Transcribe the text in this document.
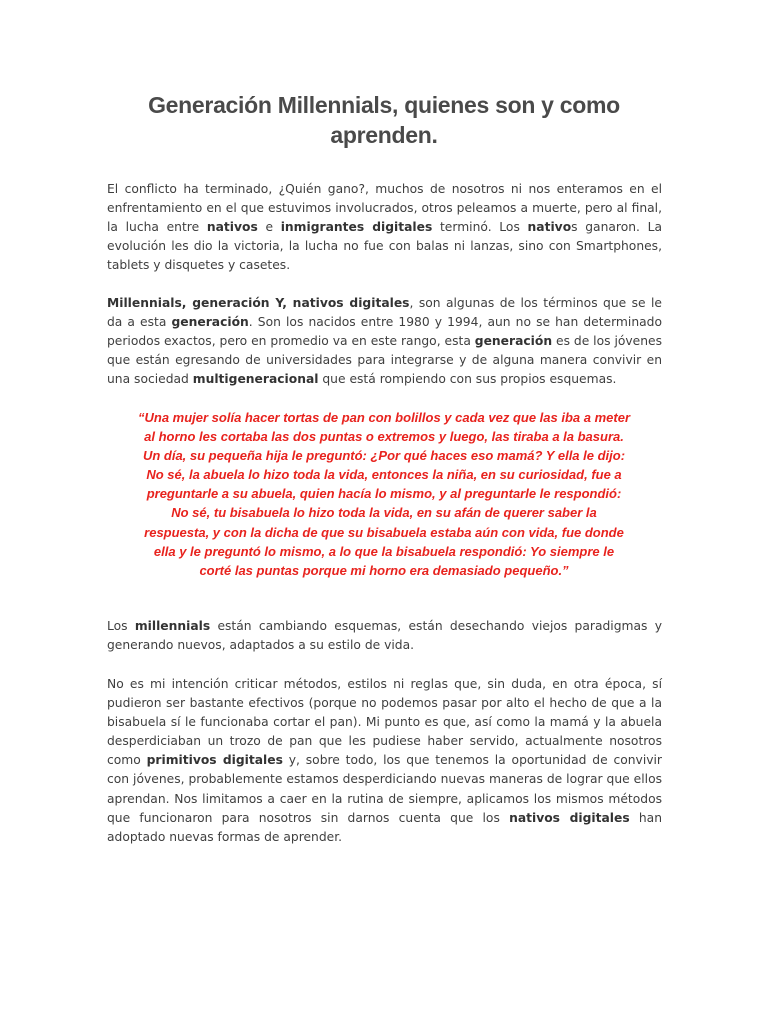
Generación Millennials, quienes son y como aprenden.

El conflicto ha terminado, ¿Quién gano?, muchos de nosotros ni nos enteramos en el enfrentamiento en el que estuvimos involucrados, otros peleamos a muerte, pero al final, la lucha entre nativos e inmigrantes digitales terminó. Los nativos ganaron. La evolución les dio la victoria, la lucha no fue con balas ni lanzas, sino con Smartphones, tablets y disquetes y casetes.

Millennials, generación Y, nativos digitales, son algunas de los términos que se le da a esta generación. Son los nacidos entre 1980 y 1994, aun no se han determinado periodos exactos, pero en promedio va en este rango, esta generación es de los jóvenes que están egresando de universidades para integrarse y de alguna manera convivir en una sociedad multigeneracional que está rompiendo con sus propios esquemas.

“Una mujer solía hacer tortas de pan con bolillos y cada vez que las iba a meter al horno les cortaba las dos puntas o extremos y luego, las tiraba a la basura. Un día, su pequeña hija le preguntó: ¿Por qué haces eso mamá? Y ella le dijo: No sé, la abuela lo hizo toda la vida, entonces la niña, en su curiosidad, fue a preguntarle a su abuela, quien hacía lo mismo, y al preguntarle le respondió: No sé, tu bisabuela lo hizo toda la vida, en su afán de querer saber la respuesta, y con la dicha de que su bisabuela estaba aún con vida, fue donde ella y le preguntó lo mismo, a lo que la bisabuela respondió: Yo siempre le corté las puntas porque mi horno era demasiado pequeño.”

Los millennials están cambiando esquemas, están desechando viejos paradigmas y generando nuevos, adaptados a su estilo de vida.

No es mi intención criticar métodos, estilos ni reglas que, sin duda, en otra época, sí pudieron ser bastante efectivos (porque no podemos pasar por alto el hecho de que a la bisabuela sí le funcionaba cortar el pan). Mi punto es que, así como la mamá y la abuela desperdiciaban un trozo de pan que les pudiese haber servido, actualmente nosotros como primitivos digitales y, sobre todo, los que tenemos la oportunidad de convivir con jóvenes, probablemente estamos desperdiciando nuevas maneras de lograr que ellos aprendan. Nos limitamos a caer en la rutina de siempre, aplicamos los mismos métodos que funcionaron para nosotros sin darnos cuenta que los nativos digitales han adoptado nuevas formas de aprender.
